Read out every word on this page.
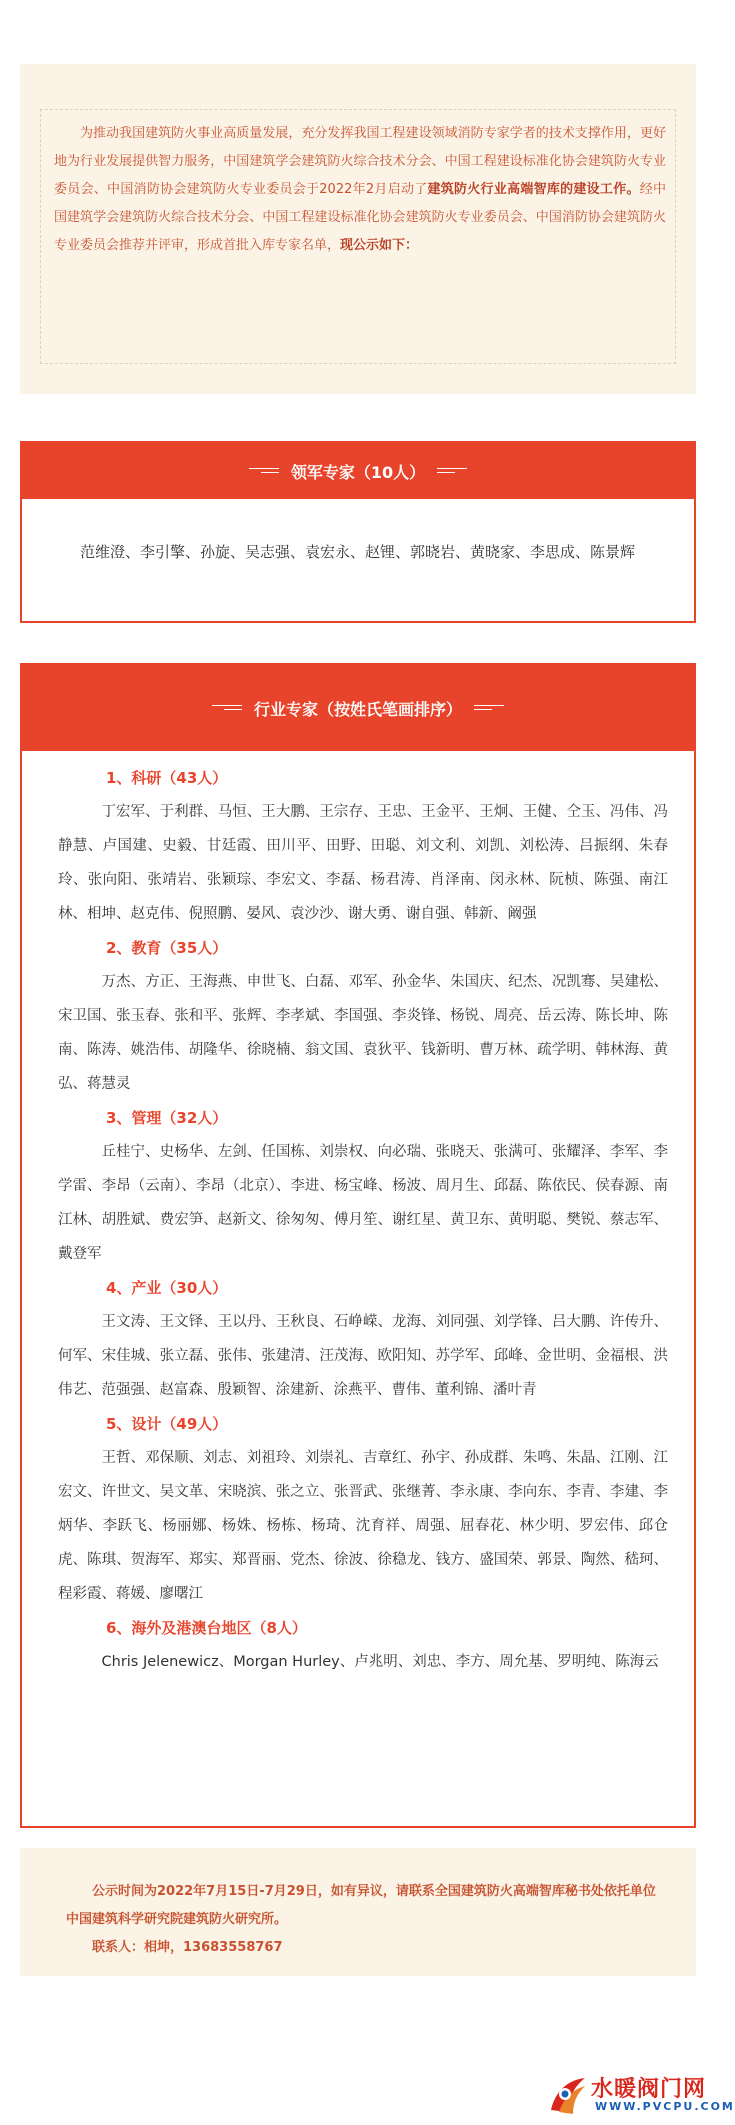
为推动我国建筑防火事业高质量发展，充分发挥我国工程建设领域消防专家学者的技术支撑作用，更好地为行业发展提供智力服务，中国建筑学会建筑防火综合技术分会、中国工程建设标准化协会建筑防火专业委员会、中国消防协会建筑防火专业委员会于2022年2月启动了建筑防火行业高端智库的建设工作。经中国建筑学会建筑防火综合技术分会、中国工程建设标准化协会建筑防火专业委员会、中国消防协会建筑防火专业委员会推荐并评审，形成首批入库专家名单，现公示如下：
领军专家（10人）
范维澄、李引擎、孙旋、吴志强、袁宏永、赵锂、郭晓岩、黄晓家、李思成、陈景辉
行业专家（按姓氏笔画排序）
1、科研（43人）
丁宏军、于利群、马恒、王大鹏、王宗存、王忠、王金平、王炯、王健、仝玉、冯伟、冯静慧、卢国建、史毅、甘廷霞、田川平、田野、田聪、刘文利、刘凯、刘松涛、吕振纲、朱春玲、张向阳、张靖岩、张颖琮、李宏文、李磊、杨君涛、肖泽南、闵永林、阮桢、陈强、南江林、相坤、赵克伟、倪照鹏、晏风、袁沙沙、谢大勇、谢自强、韩新、阚强
2、教育（35人）
万杰、方正、王海燕、申世飞、白磊、邓军、孙金华、朱国庆、纪杰、况凯骞、吴建松、宋卫国、张玉春、张和平、张辉、李孝斌、李国强、李炎锋、杨锐、周亮、岳云涛、陈长坤、陈南、陈涛、姚浩伟、胡隆华、徐晓楠、翁文国、袁狄平、钱新明、曹万林、疏学明、韩林海、黄弘、蒋慧灵
3、管理（32人）
丘桂宁、史杨华、左剑、任国栋、刘崇权、向必瑞、张晓天、张满可、张耀泽、李军、李学雷、李昂（云南）、李昂（北京）、李进、杨宝峰、杨波、周月生、邱磊、陈依民、侯春源、南江林、胡胜斌、费宏笋、赵新文、徐匆匆、傅月笙、谢红星、黄卫东、黄明聪、樊锐、蔡志军、戴登军
4、产业（30人）
王文涛、王文铎、王以丹、王秋良、石峥嵘、龙海、刘同强、刘学锋、吕大鹏、许传升、何军、宋佳城、张立磊、张伟、张建清、汪茂海、欧阳知、苏学军、邱峰、金世明、金福根、洪伟艺、范强强、赵富森、殷颖智、涂建新、涂燕平、曹伟、董利锦、潘叶青
5、设计（49人）
王哲、邓保顺、刘志、刘祖玲、刘崇礼、吉章红、孙宇、孙成群、朱鸣、朱晶、江刚、江宏文、许世文、吴文革、宋晓滨、张之立、张晋武、张继菁、李永康、李向东、李青、李建、李炳华、李跃飞、杨丽娜、杨姝、杨栋、杨琦、沈育祥、周强、屈春花、林少明、罗宏伟、邱仓虎、陈琪、贺海军、郑实、郑晋丽、党杰、徐波、徐稳龙、钱方、盛国荣、郭景、陶然、嵇珂、程彩霞、蒋媛、廖曙江
6、海外及港澳台地区（8人）
Chris Jelenewicz、Morgan Hurley、卢兆明、刘忠、李方、周允基、罗明纯、陈海云
公示时间为2022年7月15日-7月29日，如有异议，请联系全国建筑防火高端智库秘书处依托单位中国建筑科学研究院建筑防火研究所。
联系人：相坤，13683558767
水暖阀门网
WWW.PVCPU.COM
